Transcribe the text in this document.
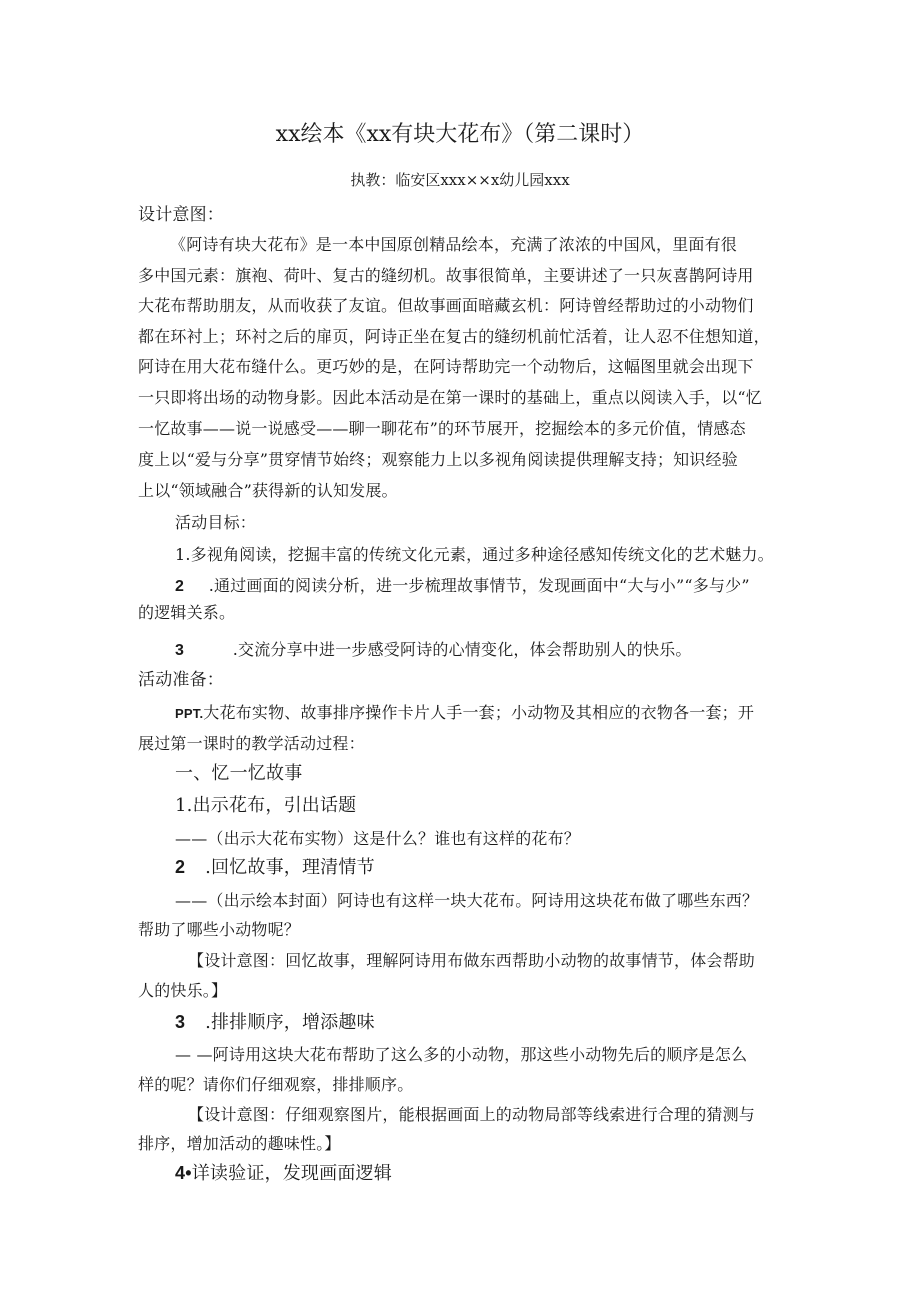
xx绘本《xx有块大花布》（第二课时）
执教：临安区xxx××x幼儿园xxx
设计意图：
《阿诗有块大花布》是一本中国原创精品绘本，充满了浓浓的中国风，里面有很
多中国元素：旗袍、荷叶、复古的缝纫机。故事很简单，主要讲述了一只灰喜鹊阿诗用
大花布帮助朋友，从而收获了友谊。但故事画面暗藏玄机：阿诗曾经帮助过的小动物们
都在环衬上；环衬之后的扉页，阿诗正坐在复古的缝纫机前忙活着，让人忍不住想知道，
阿诗在用大花布缝什么。更巧妙的是，在阿诗帮助完一个动物后，这幅图里就会出现下
一只即将出场的动物身影。因此本活动是在第一课时的基础上，重点以阅读入手，以“忆
一忆故事——说一说感受——聊一聊花布”的环节展开，挖掘绘本的多元价值，情感态
度上以“爱与分享”贯穿情节始终；观察能力上以多视角阅读提供理解支持；知识经验
上以“领域融合”获得新的认知发展。
活动目标：
1.多视角阅读，挖掘丰富的传统文化元素，通过多种途径感知传统文化的艺术魅力。
2 .通过画面的阅读分析，进一步梳理故事情节，发现画面中“大与小”“多与少”
的逻辑关系。
3	.交流分享中进一步感受阿诗的心情变化，体会帮助别人的快乐。
活动准备：
PPT.大花布实物、故事排序操作卡片人手一套；小动物及其相应的衣物各一套；开
展过第一课时的教学活动过程：
一、忆一忆故事
1.出示花布，引出话题
——（出示大花布实物）这是什么？谁也有这样的花布？
2 .回忆故事，理清情节
——（出示绘本封面）阿诗也有这样一块大花布。阿诗用这块花布做了哪些东西？
帮助了哪些小动物呢？
【设计意图：回忆故事，理解阿诗用布做东西帮助小动物的故事情节，体会帮助
人的快乐。】
3 .排排顺序，增添趣味
— —阿诗用这块大花布帮助了这么多的小动物，那这些小动物先后的顺序是怎么
样的呢？请你们仔细观察，排排顺序。
【设计意图：仔细观察图片，能根据画面上的动物局部等线索进行合理的猜测与
排序，增加活动的趣味性。】
4•详读验证，发现画面逻辑
